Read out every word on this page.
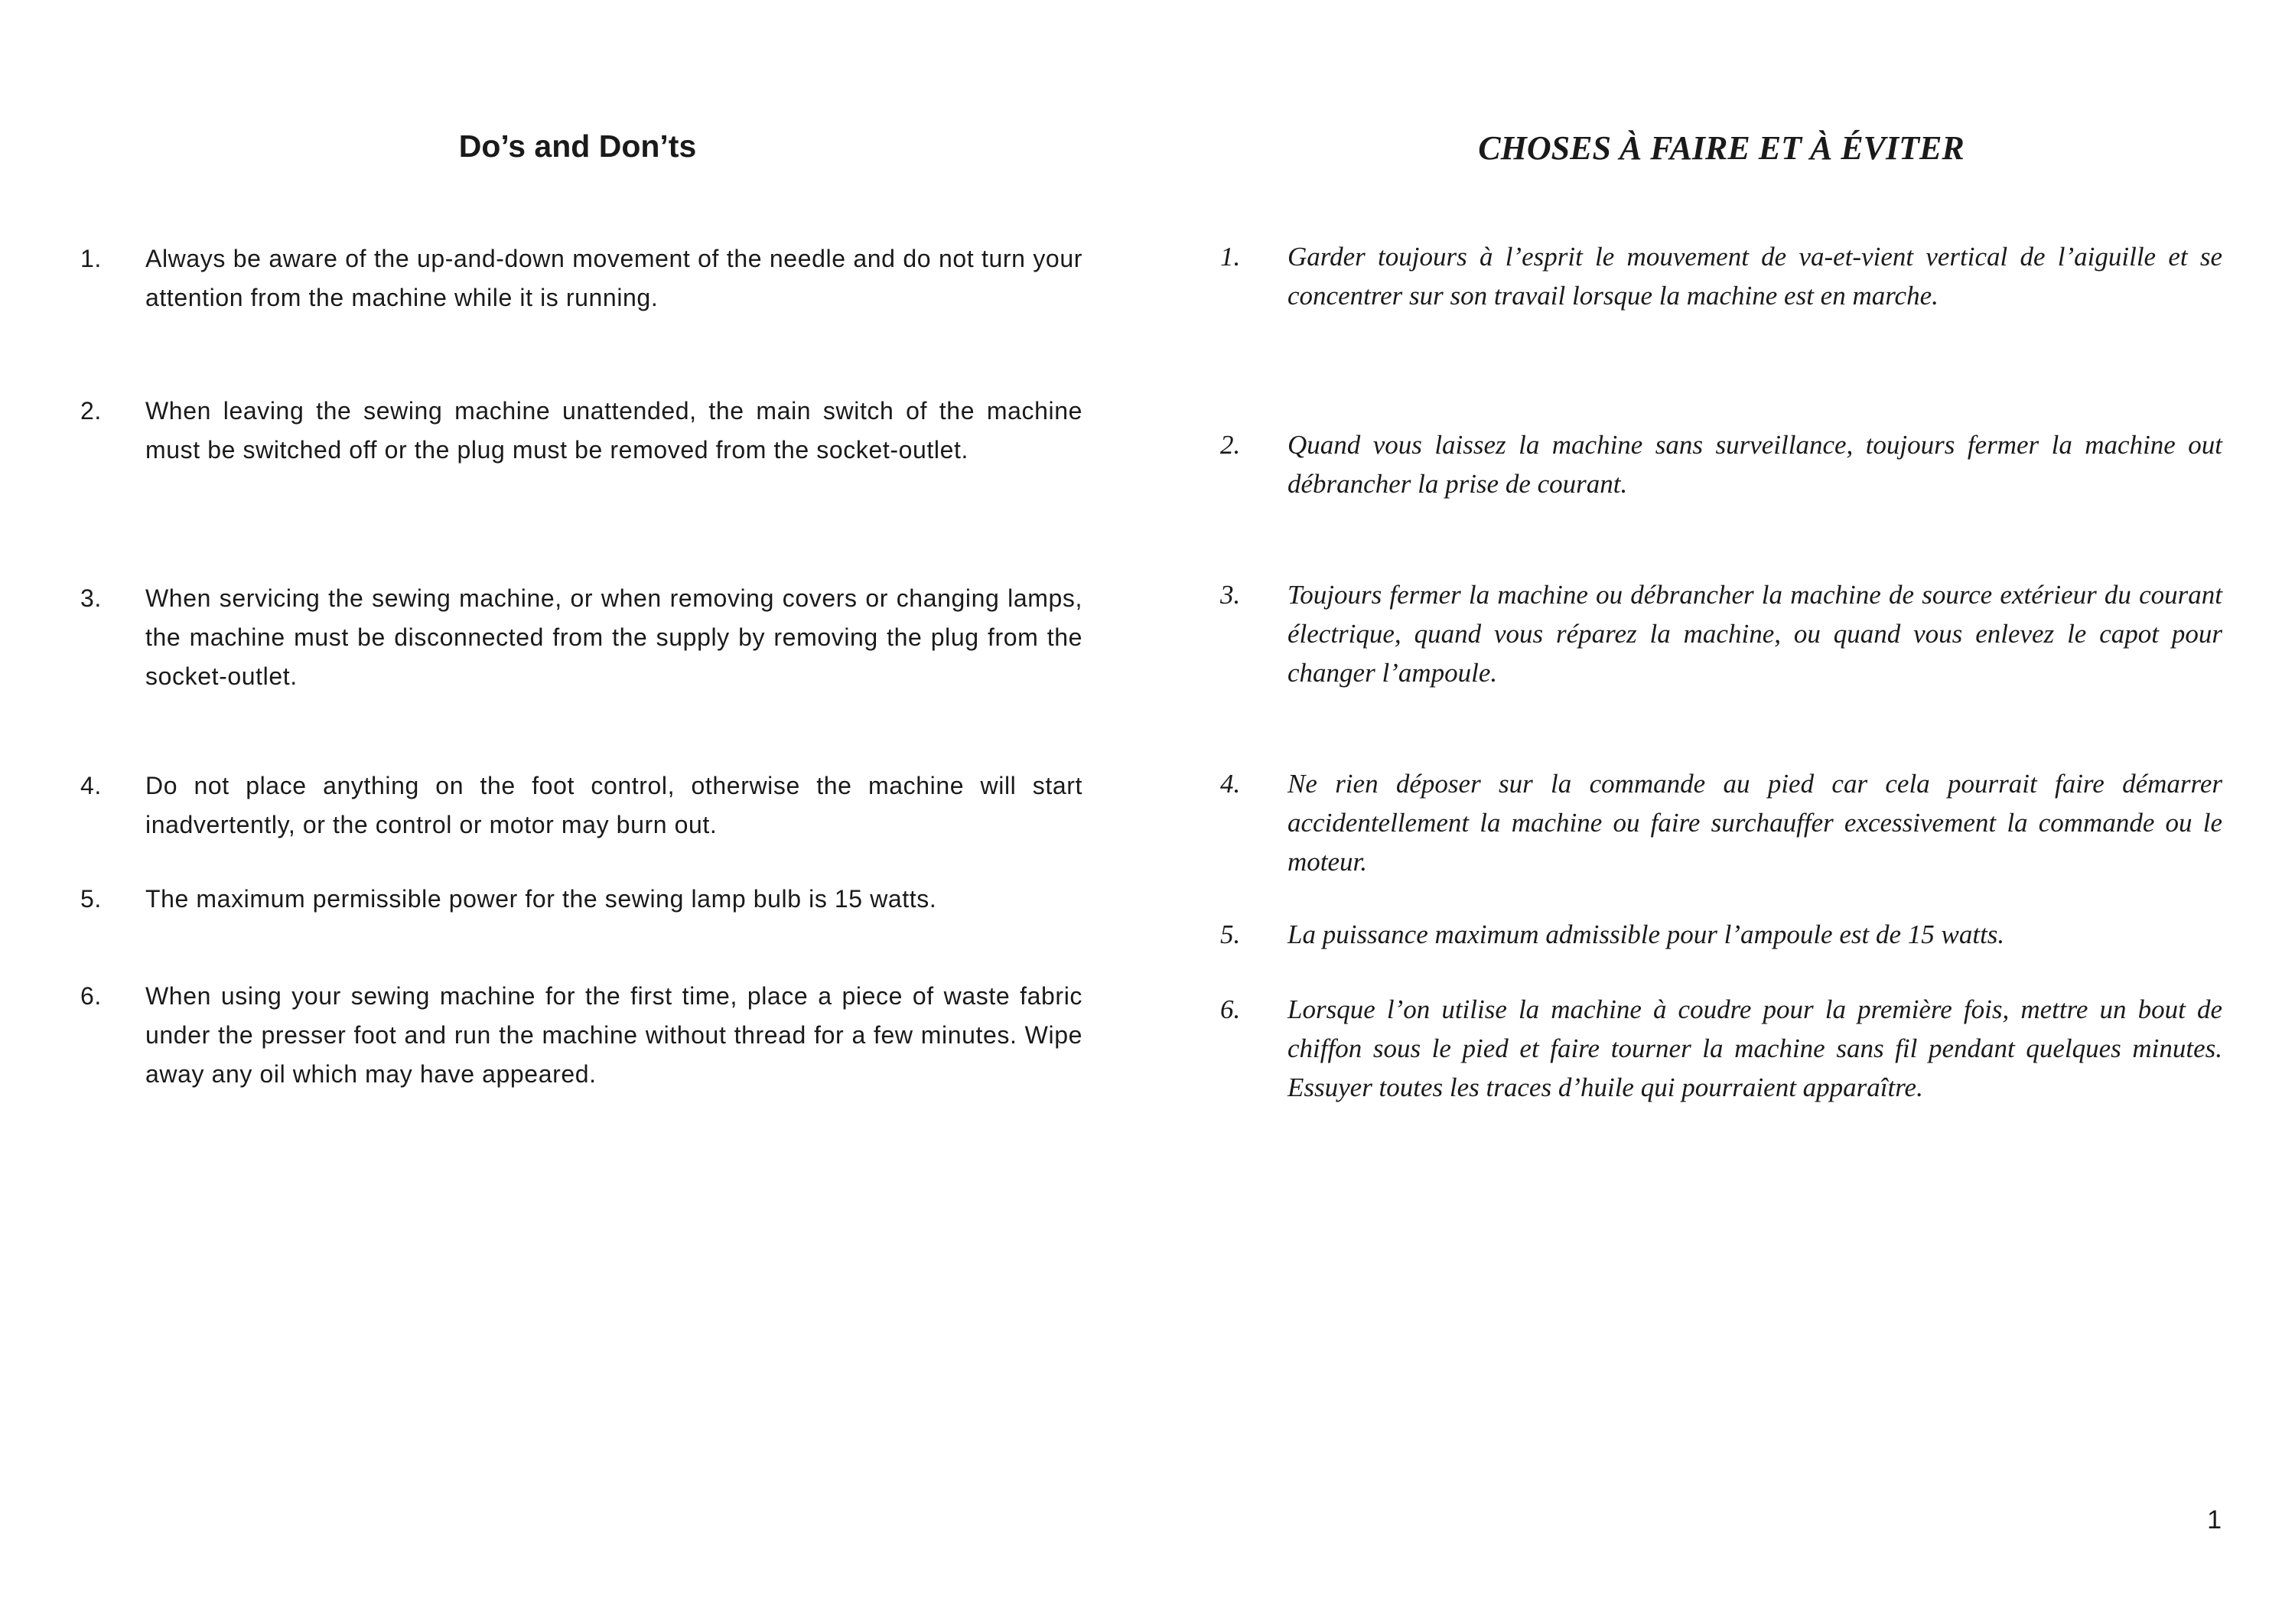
Do’s and Don’ts
1.	Always be aware of the up-and-down movement of the needle and do not turn your attention from the machine while it is running.
2.	When leaving the sewing machine unattended, the main switch of the machine must be switched off or the plug must be removed from the socket-outlet.
3.	When servicing the sewing machine, or when removing covers or changing lamps, the machine must be disconnected from the supply by removing the plug from the socket-outlet.
4.	Do not place anything on the foot control, otherwise the machine will start inadvertently, or the control or motor may burn out.
5.	The maximum permissible power for the sewing lamp bulb is 15 watts.
6.	When using your sewing machine for the first time, place a piece of waste fabric under the presser foot and run the machine without thread for a few minutes. Wipe away any oil which may have appeared.
CHOSES À FAIRE ET À ÉVITER
1.	Garder toujours à l’esprit le mouvement de va-et-vient vertical de l’aiguille et se concentrer sur son travail lorsque la machine est en marche.
2.	Quand vous laissez la machine sans surveillance, toujours fermer la machine out débrancher la prise de courant.
3.	Toujours fermer la machine ou débrancher la machine de source extérieur du courant électrique, quand vous réparez la machine, ou quand vous enlevez le capot pour changer l’ampoule.
4.	Ne rien déposer sur la commande au pied car cela pourrait faire démarrer accidentellement la machine ou faire surchauffer excessivement la commande ou le moteur.
5.	La puissance maximum admissible pour l’ampoule est de 15 watts.
6.	Lorsque l’on utilise la machine à coudre pour la première fois, mettre un bout de chiffon sous le pied et faire tourner la machine sans fil pendant quelques minutes. Essuyer toutes les traces d’huile qui pourraient apparaître.

1
